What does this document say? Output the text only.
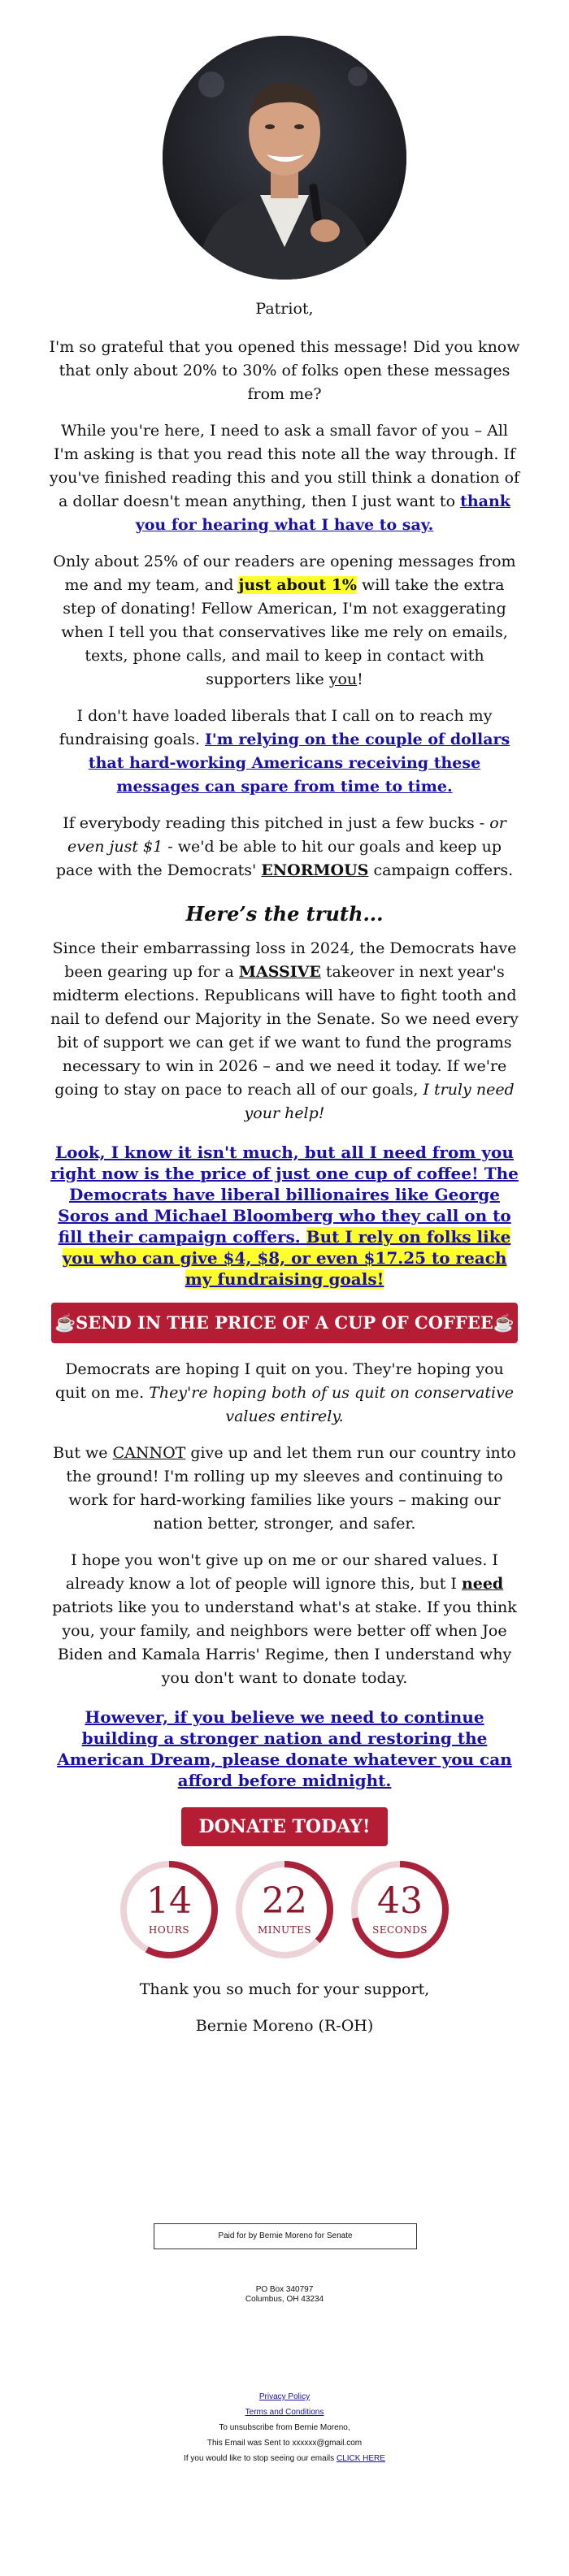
Patriot,

I'm so grateful that you opened this message! Did you know that only about 20% to 30% of folks open these messages from me?

While you're here, I need to ask a small favor of you – All I'm asking is that you read this note all the way through. If you've finished reading this and you still think a donation of a dollar doesn't mean anything, then I just want to thank you for hearing what I have to say.

Only about 25% of our readers are opening messages from me and my team, and just about 1% will take the extra step of donating! Fellow American, I'm not exaggerating when I tell you that conservatives like me rely on emails, texts, phone calls, and mail to keep in contact with supporters like you!

I don't have loaded liberals that I call on to reach my fundraising goals. I'm relying on the couple of dollars that hard-working Americans receiving these messages can spare from time to time.

If everybody reading this pitched in just a few bucks - or even just $1 - we'd be able to hit our goals and keep up pace with the Democrats' ENORMOUS campaign coffers.

Here’s the truth...

Since their embarrassing loss in 2024, the Democrats have been gearing up for a MASSIVE takeover in next year's midterm elections. Republicans will have to fight tooth and nail to defend our Majority in the Senate. So we need every bit of support we can get if we want to fund the programs necessary to win in 2026 – and we need it today. If we're going to stay on pace to reach all of our goals, I truly need your help!

Look, I know it isn't much, but all I need from you right now is the price of just one cup of coffee! The Democrats have liberal billionaires like George Soros and Michael Bloomberg who they call on to fill their campaign coffers. But I rely on folks like you who can give $4, $8, or even $17.25 to reach my fundraising goals!

☕SEND IN THE PRICE OF A CUP OF COFFEE☕

Democrats are hoping I quit on you. They're hoping you quit on me. They're hoping both of us quit on conservative values entirely.

But we CANNOT give up and let them run our country into the ground! I'm rolling up my sleeves and continuing to work for hard-working families like yours – making our nation better, stronger, and safer.

I hope you won't give up on me or our shared values. I already know a lot of people will ignore this, but I need patriots like you to understand what's at stake. If you think you, your family, and neighbors were better off when Joe Biden and Kamala Harris' Regime, then I understand why you don't want to donate today.

However, if you believe we need to continue building a stronger nation and restoring the American Dream, please donate whatever you can afford before midnight.

DONATE TODAY!
14
HOURS
22
MINUTES
43
SECONDS

Thank you so much for your support,

Bernie Moreno (R-OH)

Paid for by Bernie Moreno for Senate
PO Box 340797
Columbus, OH 43234
Privacy Policy
Terms and Conditions
To unsubscribe from Bernie Moreno,
This Email was Sent to xxxxxx@gmail.com
If you would like to stop seeing our emails CLICK HERE
